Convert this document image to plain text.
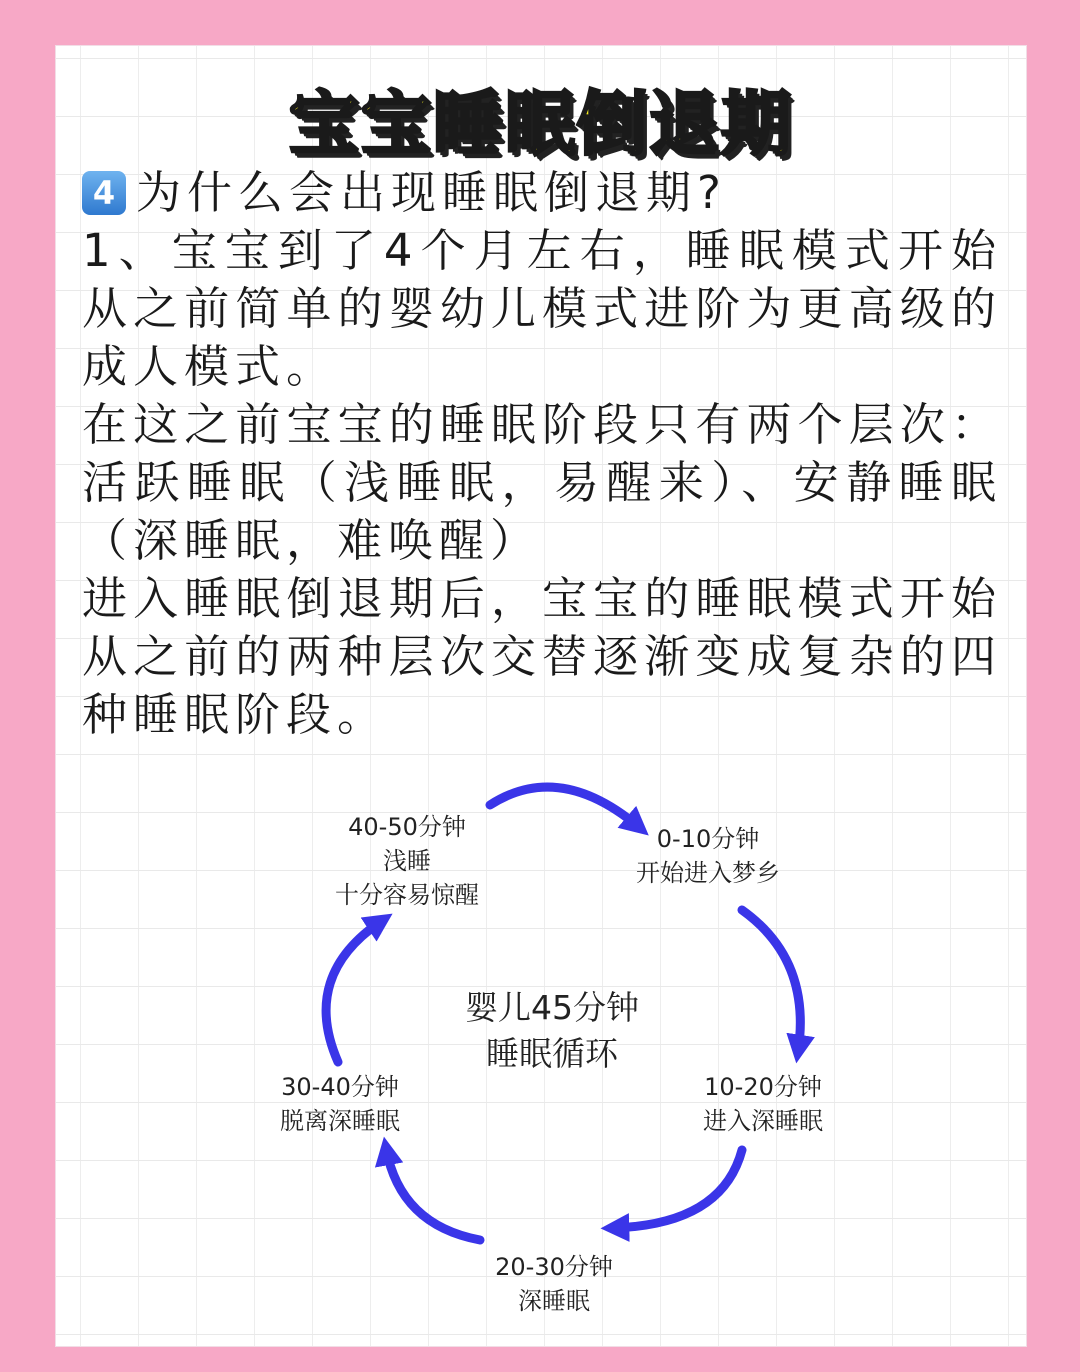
宝宝睡眠倒退期
4 为什么会出现睡眠倒退期?

1、宝宝到了4个月左右，睡眠模式开始从之前简单的婴幼儿模式进阶为更高级的成人模式。

在这之前宝宝的睡眠阶段只有两个层次：活跃睡眠（浅睡眠，易醒来）、安静睡眠（深睡眠，难唤醒）

进入睡眠倒退期后，宝宝的睡眠模式开始从之前的两种层次交替逐渐变成复杂的四种睡眠阶段。

40-50分钟
浅睡
十分容易惊醒
0-10分钟
开始进入梦乡
10-20分钟
进入深睡眠
20-30分钟
深睡眠
30-40分钟
脱离深睡眠
婴儿45分钟
睡眠循环
